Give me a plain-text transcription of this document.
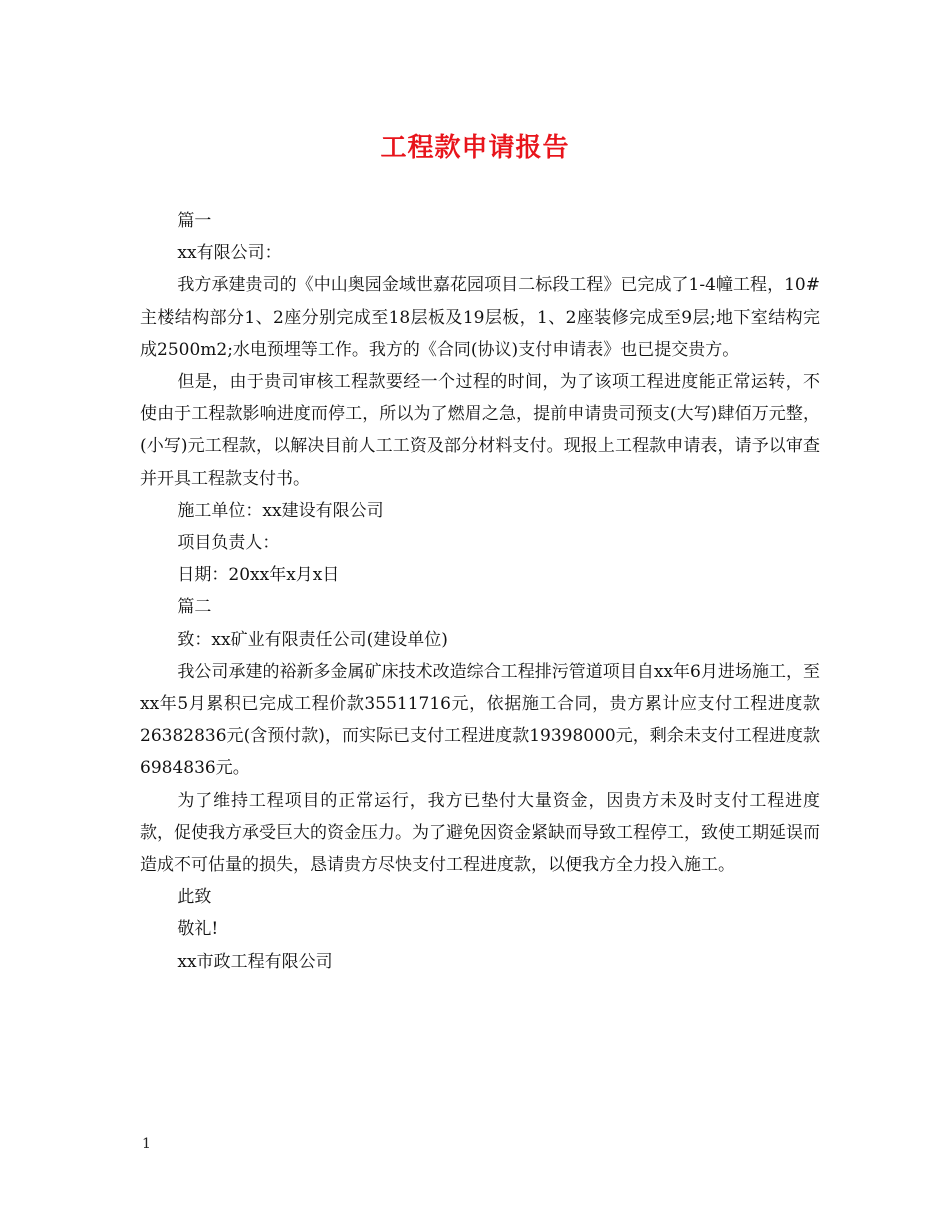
工程款申请报告

篇一

xx有限公司：

我方承建贵司的《中山奥园金域世嘉花园项目二标段工程》已完成了1-4幢工程，10#主楼结构部分1、2座分别完成至18层板及19层板，1、2座装修完成至9层;地下室结构完成2500m2;水电预埋等工作。我方的《合同(协议)支付申请表》也已提交贵方。

但是，由于贵司审核工程款要经一个过程的时间，为了该项工程进度能正常运转，不使由于工程款影响进度而停工，所以为了燃眉之急，提前申请贵司预支(大写)肆佰万元整，(小写)元工程款，以解决目前人工工资及部分材料支付。现报上工程款申请表，请予以审查并开具工程款支付书。

施工单位：xx建设有限公司

项目负责人：

日期：20xx年x月x日

篇二

致：xx矿业有限责任公司(建设单位)

我公司承建的裕新多金属矿床技术改造综合工程排污管道项目自xx年6月进场施工，至xx年5月累积已完成工程价款35511716元，依据施工合同，贵方累计应支付工程进度款26382836元(含预付款)，而实际已支付工程进度款19398000元，剩余未支付工程进度款6984836元。

为了维持工程项目的正常运行，我方已垫付大量资金，因贵方未及时支付工程进度款，促使我方承受巨大的资金压力。为了避免因资金紧缺而导致工程停工，致使工期延误而造成不可估量的损失，恳请贵方尽快支付工程进度款，以便我方全力投入施工。

此致

敬礼!

xx市政工程有限公司

1
